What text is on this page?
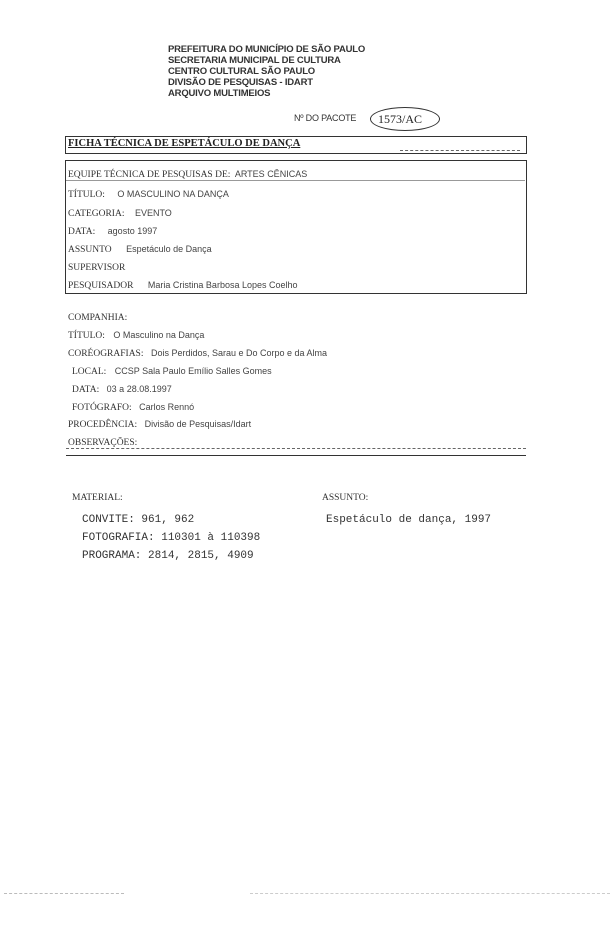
PREFEITURA DO MUNICÍPIO DE SÃO PAULO
SECRETARIA MUNICIPAL DE CULTURA
CENTRO CULTURAL SÃO PAULO
DIVISÃO DE PESQUISAS - IDART
ARQUIVO MULTIMEIOS
Nº DO PACOTE 1573/AC
FICHA TÉCNICA DE ESPETÁCULO DE DANÇA
EQUIPE TÉCNICA DE PESQUISAS DE: ARTES CÊNICAS
TÍTULO: O MASCULINO NA DANÇA
CATEGORIA: EVENTO
DATA: agosto 1997
ASSUNTO Espetáculo de Dança
SUPERVISOR
PESQUISADOR Maria Cristina Barbosa Lopes Coelho
COMPANHIA:
TÍTULO: O Masculino na Dança
CORÉOGRAFIAS: Dois Perdidos, Sarau e Do Corpo e da Alma
LOCAL: CCSP Sala Paulo Emílio Salles Gomes
DATA: 03 a 28.08.1997
FOTÓGRAFO: Carlos Rennó
PROCEDÊNCIA: Divisão de Pesquisas/Idart
OBSERVAÇÕES:
MATERIAL:	ASSUNTO:
CONVITE: 961, 962
FOTOGRAFIA: 110301 à 110398
PROGRAMA: 2814, 2815, 4909
Espetáculo de dança, 1997
